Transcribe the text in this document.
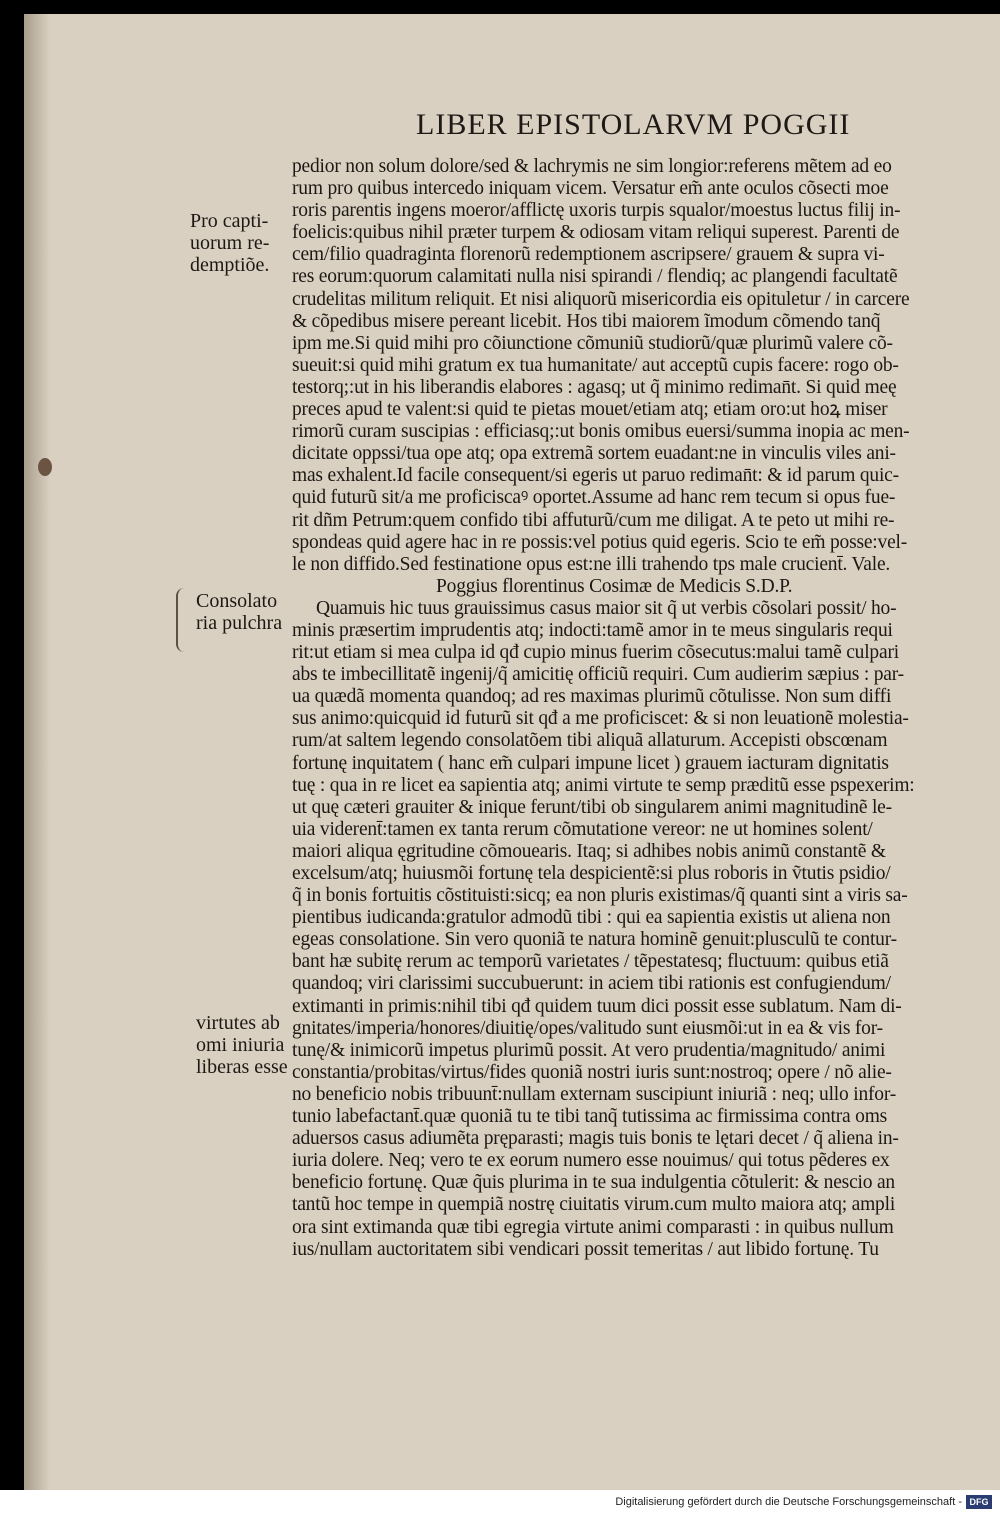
LIBER EPISTOLARVM POGGII
Pro capti-
uorum re-
demptiõe.
Consolato
ria pulchra
virtutes ab
omi iniuria
liberas esse
pedior non solum dolore/sed & lachrymis ne sim longior:referens mẽtem ad eo
rum pro quibus intercedo iniquam vicem. Versatur em̃ ante oculos cõsecti moe
roris parentis ingens moeror/afflictę uxoris turpis squalor/moestus luctus filij in-
foelicis:quibus nihil præter turpem & odiosam vitam reliqui superest. Parenti de
cem/filio quadraginta florenorũ redemptionem ascripsere/ grauem & supra vi-
res eorum:quorum calamitati nulla nisi spirandi / flendiq; ac plangendi facultatẽ
crudelitas militum reliquit. Et nisi aliquorũ misericordia eis opituletur / in carcere
& cõpedibus misere pereant licebit. Hos tibi maiorem ĩmodum cõmendo tanq̃
ipm me.Si quid mihi pro cõiunctione cõmuniũ studiorũ/quæ plurimũ valere cõ-
sueuit:si quid mihi gratum ex tua humanitate/ aut acceptũ cupis facere: rogo ob-
testorq;:ut in his liberandis elabores : agasq; ut q̃ minimo rediman̄t. Si quid meę
preces apud te valent:si quid te pietas mouet/etiam atq; etiam oro:ut hoꝝ miser
rimorũ curam suscipias : efficiasq;:ut bonis omibus euersi/summa inopia ac men-
dicitate oppssi/tua ope atq; opa extremã sortem euadant:ne in vinculis viles ani-
mas exhalent.Id facile consequent/si egeris ut paruo rediman̄t: & id parum quic-
quid futurũ sit/a me proficiscaꝰ oportet.Assume ad hanc rem tecum si opus fue-
rit dñm Petrum:quem confido tibi affuturũ/cum me diligat. A te peto ut mihi re-
spondeas quid agere hac in re possis:vel potius quid egeris. Scio te em̃ posse:vel-
le non diffido.Sed festinatione opus est:ne illi trahendo tps male crucient̄. Vale.
Poggius florentinus Cosimæ de Medicis S.D.P.
Quamuis hic tuus grauissimus casus maior sit q̃ ut verbis cõsolari possit/ ho-
minis præsertim imprudentis atq; indocti:tamẽ amor in te meus singularis requi
rit:ut etiam si mea culpa id qđ cupio minus fuerim cõsecutus:malui tamẽ culpari
abs te imbecillitatẽ ingenij/q̃ amicitię officiũ requiri. Cum audierim sæpius : par-
ua quædã momenta quandoq; ad res maximas plurimũ cõtulisse. Non sum diffi
sus animo:quicquid id futurũ sit qđ a me proficiscet: & si non leuationẽ molestia-
rum/at saltem legendo consolatõem tibi aliquã allaturum. Accepisti obscœnam
fortunę inquitatem ( hanc em̃ culpari impune licet ) grauem iacturam dignitatis
tuę : qua in re licet ea sapientia atq; animi virtute te semp præditũ esse pspexerim:
ut quę cæteri grauiter & inique ferunt/tibi ob singularem animi magnitudinẽ le-
uia viderent̄:tamen ex tanta rerum cõmutatione vereor: ne ut homines solent/
maiori aliqua ęgritudine cõmouearis. Itaq; si adhibes nobis animũ constantẽ &
excelsum/atq; huiusmõi fortunę tela despicientẽ:si plus roboris in ṽtutis psidio/
q̃ in bonis fortuitis cõstituisti:sicq; ea non pluris existimas/q̃ quanti sint a viris sa-
pientibus iudicanda:gratulor admodũ tibi : qui ea sapientia existis ut aliena non
egeas consolatione. Sin vero quoniã te natura hominẽ genuit:plusculũ te contur-
bant hæ subitę rerum ac temporũ varietates / tẽpestatesq; fluctuum: quibus etiã
quandoq; viri clarissimi succubuerunt: in aciem tibi rationis est confugiendum/
extimanti in primis:nihil tibi qđ quidem tuum dici possit esse sublatum. Nam di-
gnitates/imperia/honores/diuitię/opes/valitudo sunt eiusmõi:ut in ea & vis for-
tunę/& inimicorũ impetus plurimũ possit. At vero prudentia/magnitudo/ animi
constantia/probitas/virtus/fides quoniã nostri iuris sunt:nostroq; opere / nõ alie-
no beneficio nobis tribuunt̄:nullam externam suscipiunt iniuriã : neq; ullo infor-
tunio labefactant̄.quæ quoniã tu te tibi tanq̃ tutissima ac firmissima contra oms
aduersos casus adiumẽta pręparasti; magis tuis bonis te lętari decet / q̃ aliena in-
iuria dolere. Neq; vero te ex eorum numero esse nouimus/ qui totus pẽderes ex
beneficio fortunę. Quæ q̃uis plurima in te sua indulgentia cõtulerit: & nescio an
tantũ hoc tempe in quempiã nostrę ciuitatis virum.cum multo maiora atq; ampli
ora sint extimanda quæ tibi egregia virtute animi comparasti : in quibus nullum
ius/nullam auctoritatem sibi vendicari possit temeritas / aut libido fortunę. Tu
Digitalisierung gefördert durch die Deutsche Forschungsgemeinschaft - DFG
